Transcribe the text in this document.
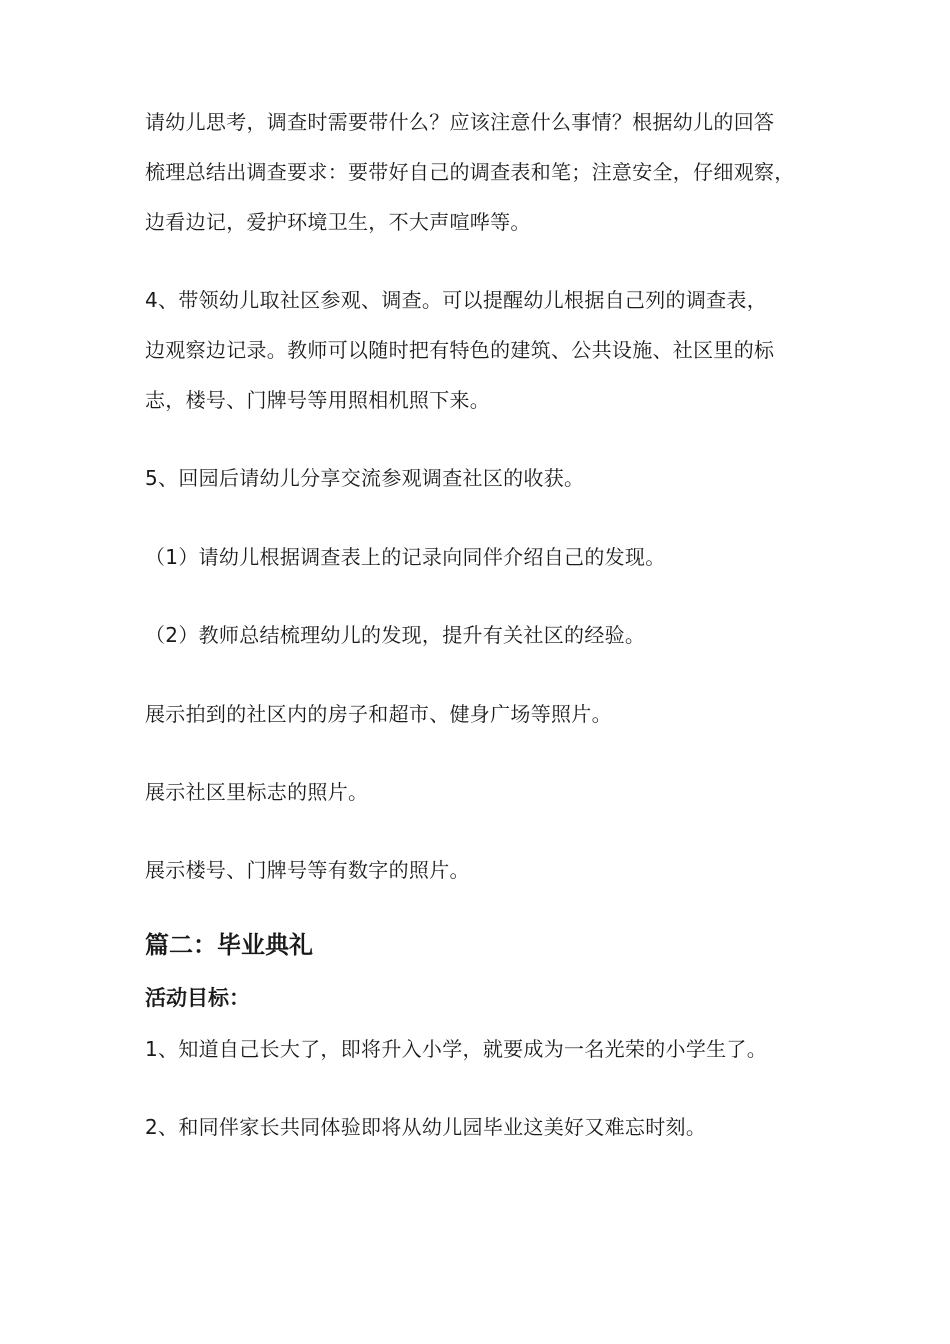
请幼儿思考，调查时需要带什么？应该注意什么事情？根据幼儿的回答
梳理总结出调查要求：要带好自己的调查表和笔；注意安全，仔细观察，
边看边记，爱护环境卫生，不大声喧哗等。
4、带领幼儿取社区参观、调查。可以提醒幼儿根据自己列的调查表，
边观察边记录。教师可以随时把有特色的建筑、公共设施、社区里的标
志，楼号、门牌号等用照相机照下来。
5、回园后请幼儿分享交流参观调查社区的收获。
（1）请幼儿根据调查表上的记录向同伴介绍自己的发现。
（2）教师总结梳理幼儿的发现，提升有关社区的经验。
展示拍到的社区内的房子和超市、健身广场等照片。
展示社区里标志的照片。
展示楼号、门牌号等有数字的照片。
篇二：毕业典礼
活动目标：
1、知道自己长大了，即将升入小学，就要成为一名光荣的小学生了。
2、和同伴家长共同体验即将从幼儿园毕业这美好又难忘时刻。
